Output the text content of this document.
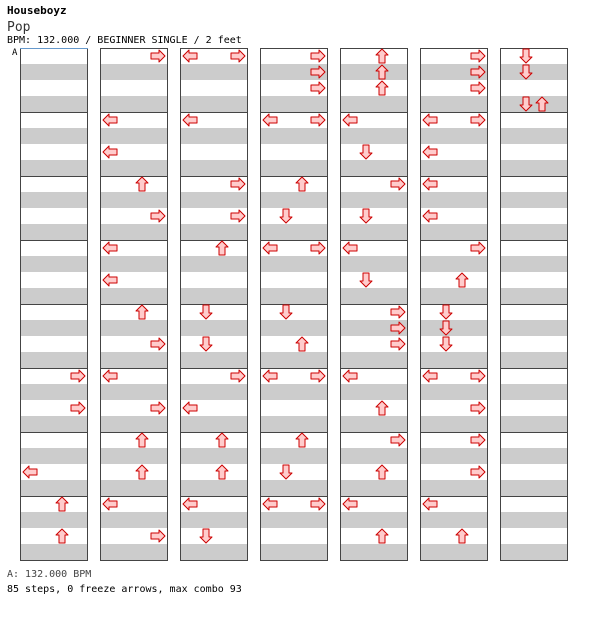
Houseboyz
Pop
BPM: 132.000 / BEGINNER SINGLE / 2 feet
A
A: 132.000 BPM
85 steps, 0 freeze arrows, max combo 93
